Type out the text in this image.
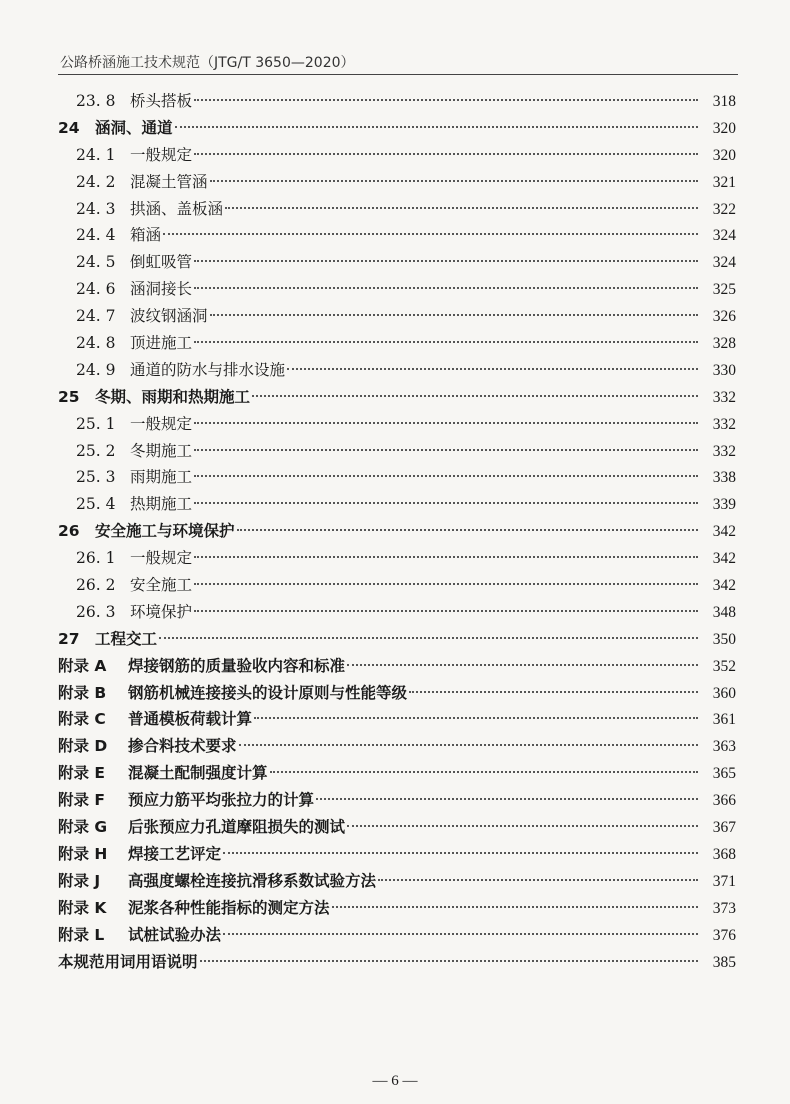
公路桥涵施工技术规范（JTG/T 3650—2020）
23. 8 桥头搭板	318
24 涵洞、通道	320
24. 1 一般规定	320
24. 2 混凝土管涵	321
24. 3 拱涵、盖板涵	322
24. 4 箱涵	324
24. 5 倒虹吸管	324
24. 6 涵洞接长	325
24. 7 波纹钢涵洞	326
24. 8 顶进施工	328
24. 9 通道的防水与排水设施	330
25 冬期、雨期和热期施工	332
25. 1 一般规定	332
25. 2 冬期施工	332
25. 3 雨期施工	338
25. 4 热期施工	339
26 安全施工与环境保护	342
26. 1 一般规定	342
26. 2 安全施工	342
26. 3 环境保护	348
27 工程交工	350
附录 A	焊接钢筋的质量验收内容和标准	352
附录 B	钢筋机械连接接头的设计原则与性能等级	360
附录 C	普通模板荷载计算	361
附录 D	掺合料技术要求	363
附录 E	混凝土配制强度计算	365
附录 F	预应力筋平均张拉力的计算	366
附录 G	后张预应力孔道摩阻损失的测试	367
附录 H	焊接工艺评定	368
附录 J	高强度螺栓连接抗滑移系数试验方法	371
附录 K	泥浆各种性能指标的测定方法	373
附录 L	试桩试验办法	376
本规范用词用语说明	385
— 6 —
